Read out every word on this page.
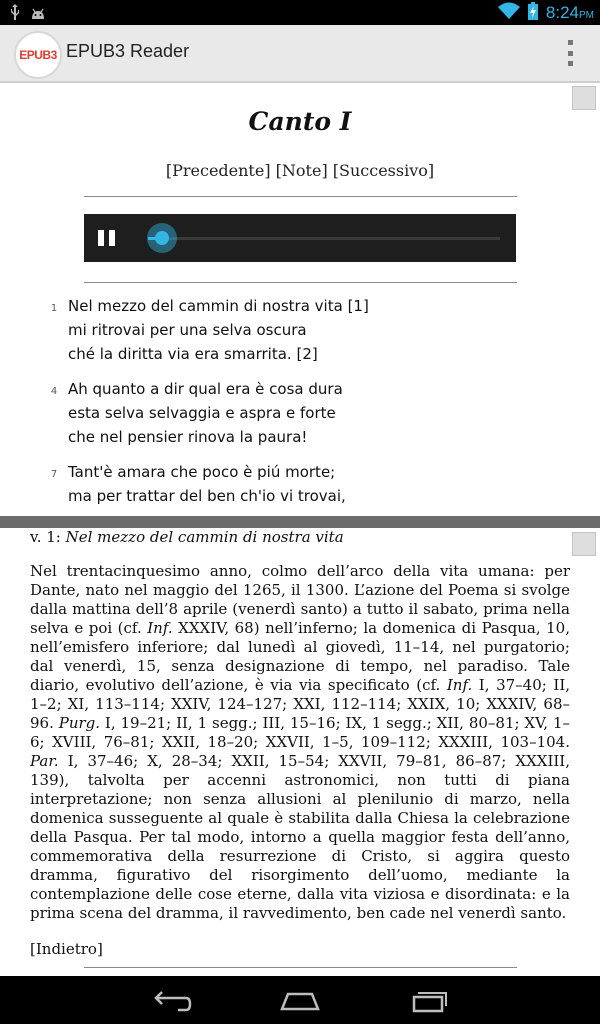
8:24PM
EPUB3 EPUB3 Reader
Canto I
[Precedente] [Note] [Successivo]
1 Nel mezzo del cammin di nostra vita
[1]
mi ritrovai per una selva oscura
ché la diritta via era smarrita.
[2]
4 Ah quanto a dir qual era è cosa dura
esta selva selvaggia e aspra e forte
che nel pensier rinova la paura!
7 Tant'è amara che poco è piú morte;
ma per trattar del ben ch'io vi trovai,
v. 1: Nel mezzo del cammin di nostra vita
Nel trentacinquesimo anno, colmo dell’arco della vita umana: per Dante, nato nel maggio del 1265, il 1300. L’azione del Poema si svolge dalla mattina dell’8 aprile (venerdì santo) a tutto il sabato, prima nella selva e poi (cf. Inf. XXXIV, 68) nell’inferno; la domenica di Pasqua, 10, nell’emisfero inferiore; dal lunedì al giovedì, 11–14, nel purgatorio; dal venerdì, 15, senza designazione di tempo, nel paradiso. Tale diario, evolutivo dell’azione, è via via specificato (cf. Inf. I, 37–40; II, 1–2; XI, 113–114; XXIV, 124–127; XXI, 112–114; XXIX, 10; XXXIV, 68–96. Purg. I, 19–21; II, 1 segg.; III, 15–16; IX, 1 segg.; XII, 80–81; XV, 1–6; XVIII, 76–81; XXII, 18–20; XXVII, 1–5, 109–112; XXXIII, 103–104. Par. I, 37–46; X, 28–34; XXII, 15–54; XXVII, 79–81, 86–87; XXXIII, 139), talvolta per accenni astronomici, non tutti di piana interpretazione; non senza allusioni al plenilunio di marzo, nella domenica susseguente al quale è stabilita dalla Chiesa la celebrazione della Pasqua. Per tal modo, intorno a quella maggior festa dell’anno, commemorativa della resurrezione di Cristo, si aggira questo dramma, figurativo del risorgimento dell’uomo, mediante la contemplazione delle cose eterne, dalla vita viziosa e disordinata: e la prima scena del dramma, il ravvedimento, ben cade nel venerdì santo.
[Indietro]
